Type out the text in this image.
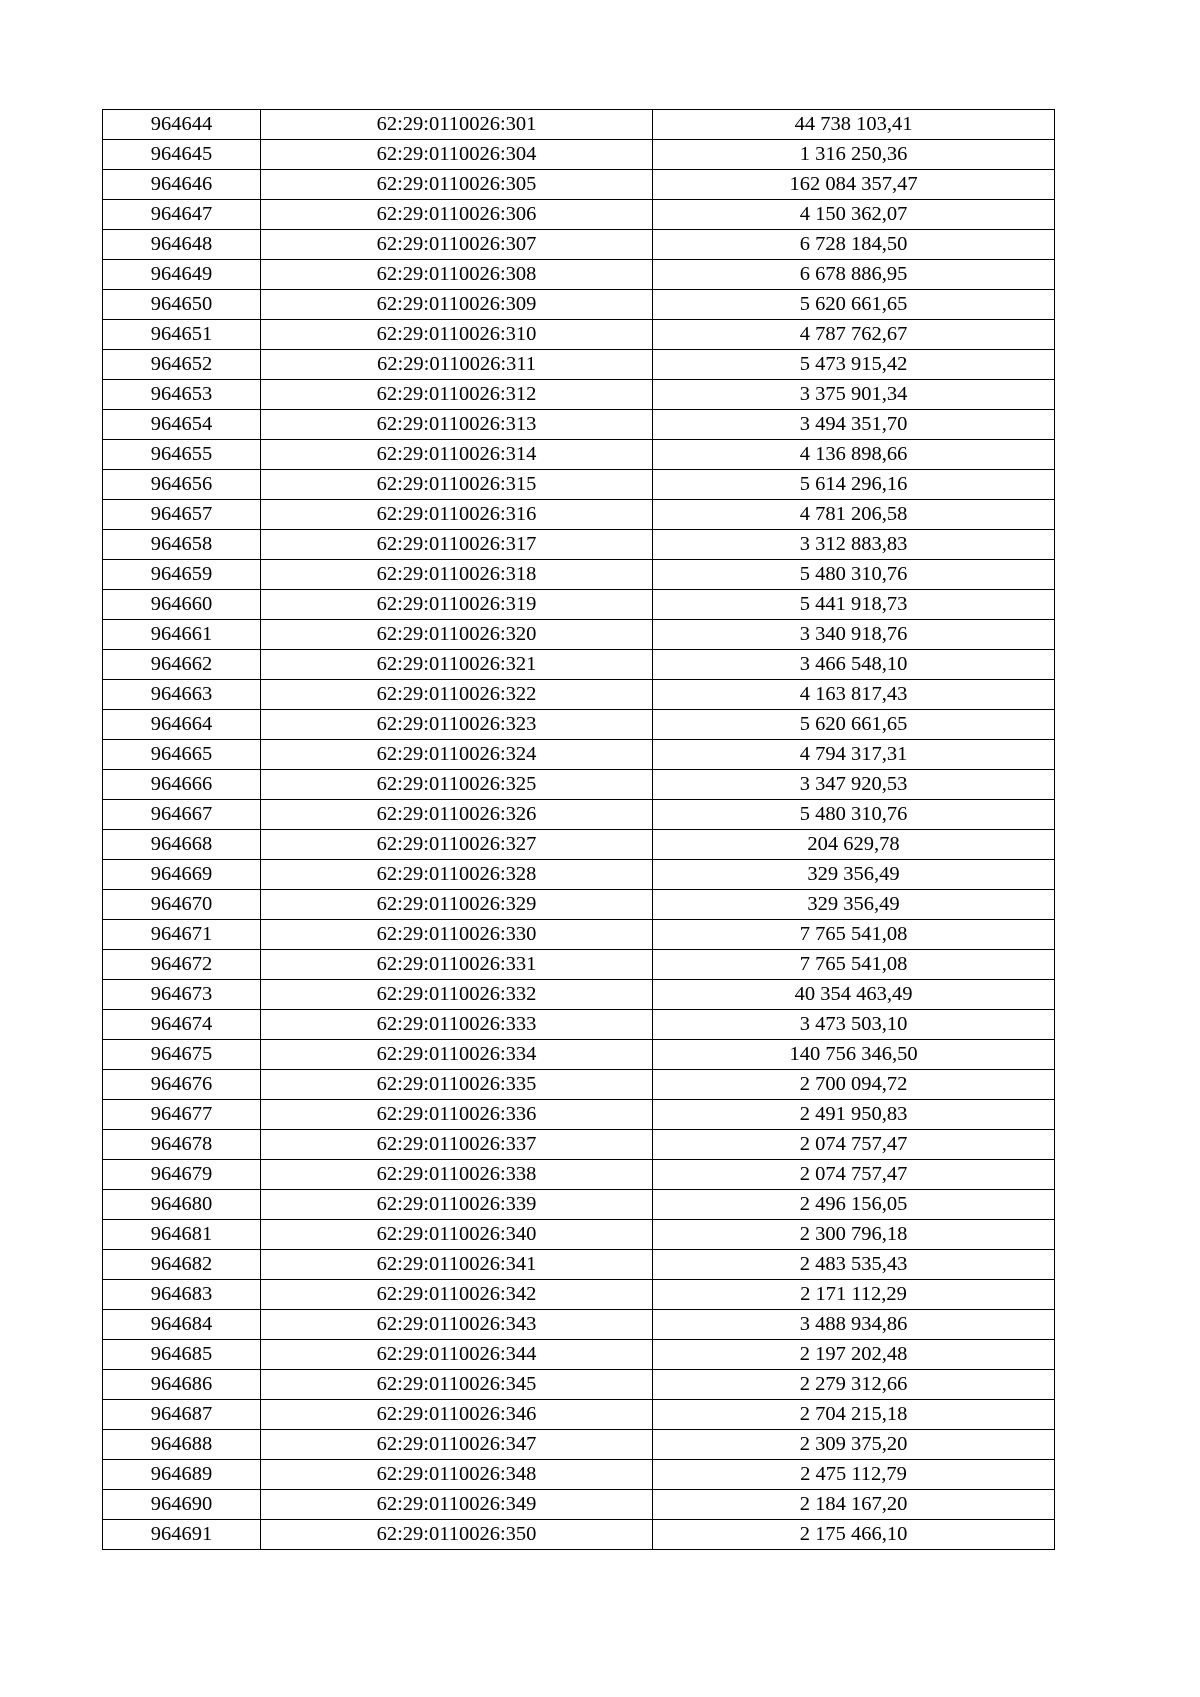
964644	62:29:0110026:301	44 738 103,41
964645	62:29:0110026:304	1 316 250,36
964646	62:29:0110026:305	162 084 357,47
964647	62:29:0110026:306	4 150 362,07
964648	62:29:0110026:307	6 728 184,50
964649	62:29:0110026:308	6 678 886,95
964650	62:29:0110026:309	5 620 661,65
964651	62:29:0110026:310	4 787 762,67
964652	62:29:0110026:311	5 473 915,42
964653	62:29:0110026:312	3 375 901,34
964654	62:29:0110026:313	3 494 351,70
964655	62:29:0110026:314	4 136 898,66
964656	62:29:0110026:315	5 614 296,16
964657	62:29:0110026:316	4 781 206,58
964658	62:29:0110026:317	3 312 883,83
964659	62:29:0110026:318	5 480 310,76
964660	62:29:0110026:319	5 441 918,73
964661	62:29:0110026:320	3 340 918,76
964662	62:29:0110026:321	3 466 548,10
964663	62:29:0110026:322	4 163 817,43
964664	62:29:0110026:323	5 620 661,65
964665	62:29:0110026:324	4 794 317,31
964666	62:29:0110026:325	3 347 920,53
964667	62:29:0110026:326	5 480 310,76
964668	62:29:0110026:327	204 629,78
964669	62:29:0110026:328	329 356,49
964670	62:29:0110026:329	329 356,49
964671	62:29:0110026:330	7 765 541,08
964672	62:29:0110026:331	7 765 541,08
964673	62:29:0110026:332	40 354 463,49
964674	62:29:0110026:333	3 473 503,10
964675	62:29:0110026:334	140 756 346,50
964676	62:29:0110026:335	2 700 094,72
964677	62:29:0110026:336	2 491 950,83
964678	62:29:0110026:337	2 074 757,47
964679	62:29:0110026:338	2 074 757,47
964680	62:29:0110026:339	2 496 156,05
964681	62:29:0110026:340	2 300 796,18
964682	62:29:0110026:341	2 483 535,43
964683	62:29:0110026:342	2 171 112,29
964684	62:29:0110026:343	3 488 934,86
964685	62:29:0110026:344	2 197 202,48
964686	62:29:0110026:345	2 279 312,66
964687	62:29:0110026:346	2 704 215,18
964688	62:29:0110026:347	2 309 375,20
964689	62:29:0110026:348	2 475 112,79
964690	62:29:0110026:349	2 184 167,20
964691	62:29:0110026:350	2 175 466,10
